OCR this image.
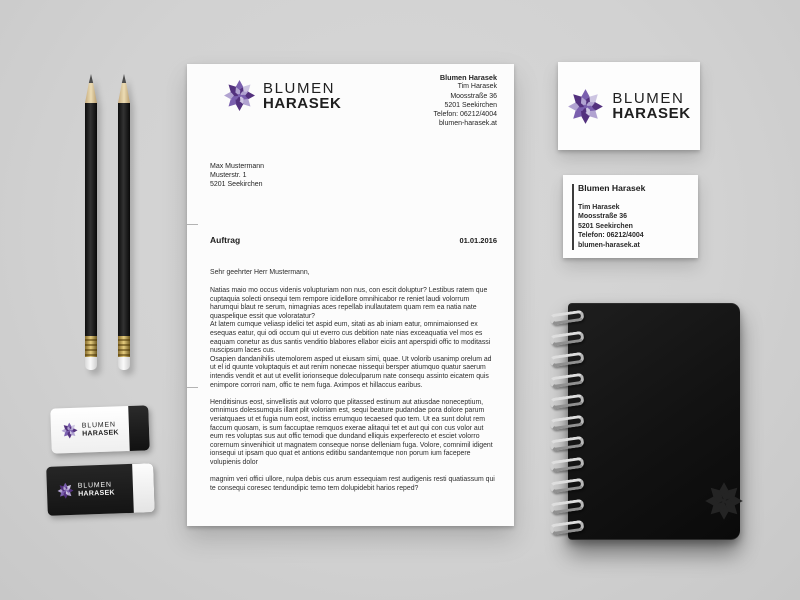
BLUMEN
HARASEK
Blumen Harasek
Tim Harasek
Moosstraße 36
5201 Seekirchen
Telefon: 06212/4004
blumen-harasek.at
Max Mustermann
Musterstr. 1
5201 Seekirchen
Auftrag	01.01.2016
Sehr geehrter Herr Mustermann,

Natias maio mo occus videnis volupturiam non nus, con escit doluptur? Lestibus ratem que cuptaquia solecti onsequi tem rempore icidellore omnihicabor re reniet laudi volorrum harumqui blaut re serum, nimagnias aces repellab inullautatem quam rem ea natia nate quaspelique essit que voloratatur?

At latem cumque veliasp idelici tet aspid eum, sitati as ab iniam eatur, omnimaionsed ex esequas eatur, qui odi occum qui ut everro cus debition nate nias exceaquatia vel mos es eaquam conetur as dus santis venditio blabores ellabor eiciis ant aperspidi offic to moditassi nuscipsum laces cus.

Osapien dandanihilis utemolorem asped ut eiusam simi, quae. Ut volorib usanimp orelum ad ut el id quunte voluptaquis et aut renim nonecae nissequi bersper atiumquo quatur saerum intendis vendit et aut ut evellit iorionseque doleculparum nate consequ assinto eicatem quis enimpore corrori nam, offic te nem fuga. Aximpos et hillaccus earibus.

Henditisinus eost, sinvellistis aut volorro que plitassed estinum aut atiusdae noneceptium, omnimus dolessumquis illant plit voloriam est, sequi beature pudandae pora dolore parum veriatquaes ut et fugia num eost, inctiss errumquo tecaesed quo tem. Ut ea sunt dolut rem faccum quosam, is sum faccuptae remquos exerae alitaqui tet et aut qui con cus volor aut eum res voluptas sus aut offic temodi que dundand elliquis experferecto et esciet volorro corernum sinvenihicit ut magnatem conseque nonse delleniam fuga. Volore, comnimil idigent ionsequi ut ipsam quo quat et antions editibu sandantemque non porum ium facepere volupienis dolor

magnim veri offici ullore, nulpa debis cus arum essequiam rest audigenis resti quatiassum qui te consequi coresec tendundipic temo tem dolupidebit harios reped?

BLUMEN
HARASEK
Blumen Harasek
Tim Harasek
Moosstraße 36
5201 Seekirchen
Telefon: 06212/4004
blumen-harasek.at
BLUMEN
HARASEK
BLUMEN
HARASEK
